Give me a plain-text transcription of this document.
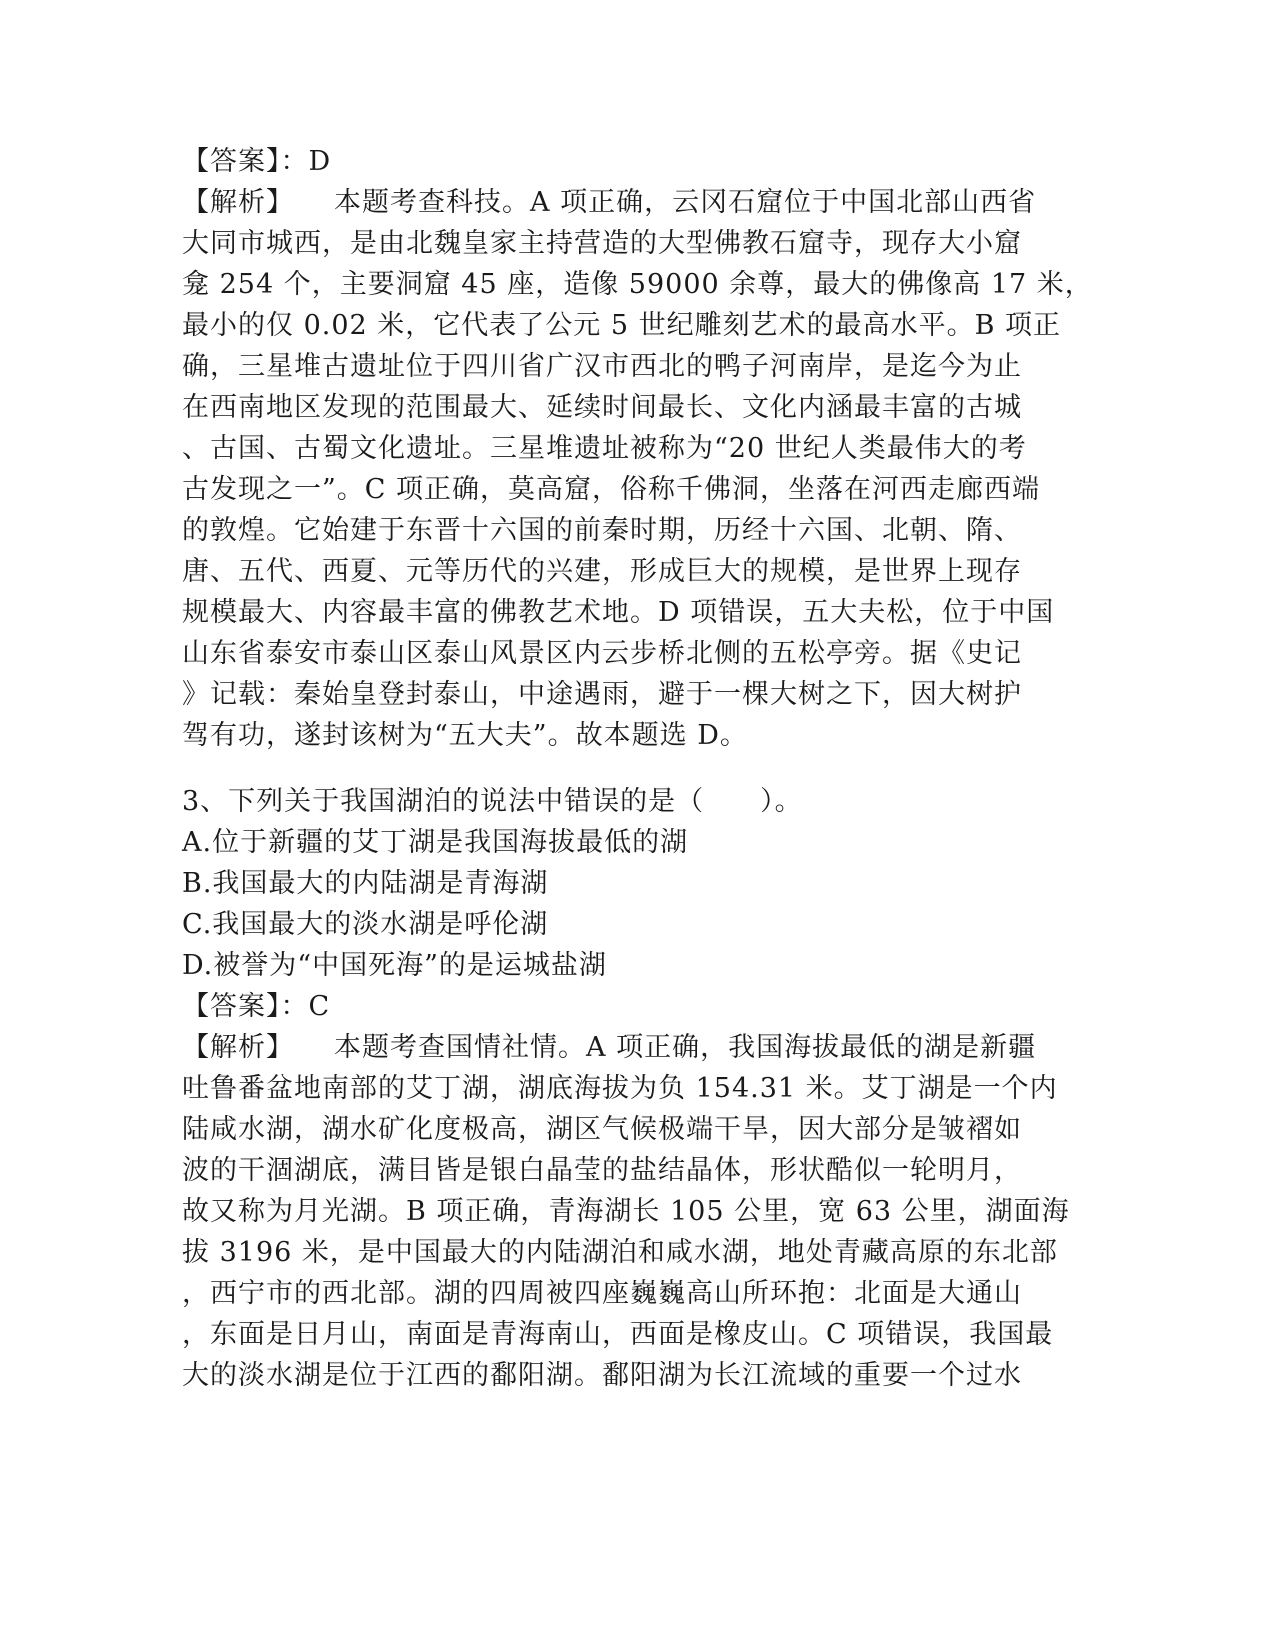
【答案】：D
【解析】 本题考查科技。A 项正确，云冈石窟位于中国北部山西省
大同市城西，是由北魏皇家主持营造的大型佛教石窟寺，现存大小窟
龛 254 个，主要洞窟 45 座，造像 59000 余尊，最大的佛像高 17 米，
最小的仅 0.02 米，它代表了公元 5 世纪雕刻艺术的最高水平。B 项正
确，三星堆古遗址位于四川省广汉市西北的鸭子河南岸，是迄今为止
在西南地区发现的范围最大、延续时间最长、文化内涵最丰富的古城
、古国、古蜀文化遗址。三星堆遗址被称为“20 世纪人类最伟大的考
古发现之一”。C 项正确，莫高窟，俗称千佛洞，坐落在河西走廊西端
的敦煌。它始建于东晋十六国的前秦时期，历经十六国、北朝、隋、
唐、五代、西夏、元等历代的兴建，形成巨大的规模，是世界上现存
规模最大、内容最丰富的佛教艺术地。D 项错误，五大夫松，位于中国
山东省泰安市泰山区泰山风景区内云步桥北侧的五松亭旁。据《史记
》记载：秦始皇登封泰山，中途遇雨，避于一棵大树之下，因大树护
驾有功，遂封该树为“五大夫”。故本题选 D。
3、下列关于我国湖泊的说法中错误的是（　　）。
A.位于新疆的艾丁湖是我国海拔最低的湖
B.我国最大的内陆湖是青海湖
C.我国最大的淡水湖是呼伦湖
D.被誉为“中国死海”的是运城盐湖
【答案】：C
【解析】 本题考查国情社情。A 项正确，我国海拔最低的湖是新疆
吐鲁番盆地南部的艾丁湖，湖底海拔为负 154.31 米。艾丁湖是一个内
陆咸水湖，湖水矿化度极高，湖区气候极端干旱，因大部分是皱褶如
波的干涸湖底，满目皆是银白晶莹的盐结晶体，形状酷似一轮明月，
故又称为月光湖。B 项正确，青海湖长 105 公里，宽 63 公里，湖面海
拔 3196 米，是中国最大的内陆湖泊和咸水湖，地处青藏高原的东北部
，西宁市的西北部。湖的四周被四座巍巍高山所环抱：北面是大通山
，东面是日月山，南面是青海南山，西面是橡皮山。C 项错误，我国最
大的淡水湖是位于江西的鄱阳湖。鄱阳湖为长江流域的重要一个过水
